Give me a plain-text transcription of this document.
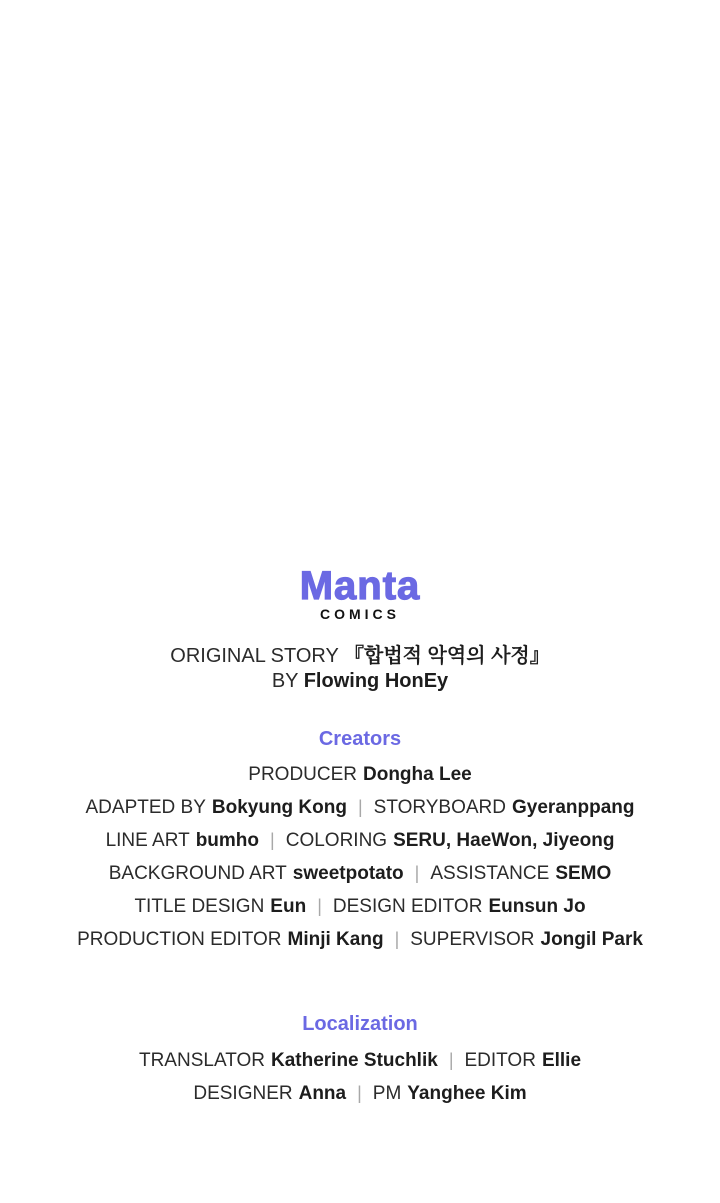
Manta
COMICS
ORIGINAL STORY 『합법적 악역의 사정』
BY Flowing HonEy
Creators
PRODUCER Dongha Lee
ADAPTED BY Bokyung Kong | STORYBOARD Gyeranppang
LINE ART bumho | COLORING SERU, HaeWon, Jiyeong
BACKGROUND ART sweetpotato | ASSISTANCE SEMO
TITLE DESIGN Eun | DESIGN EDITOR Eunsun Jo
PRODUCTION EDITOR Minji Kang | SUPERVISOR Jongil Park
Localization
TRANSLATOR Katherine Stuchlik | EDITOR Ellie
DESIGNER Anna | PM Yanghee Kim
